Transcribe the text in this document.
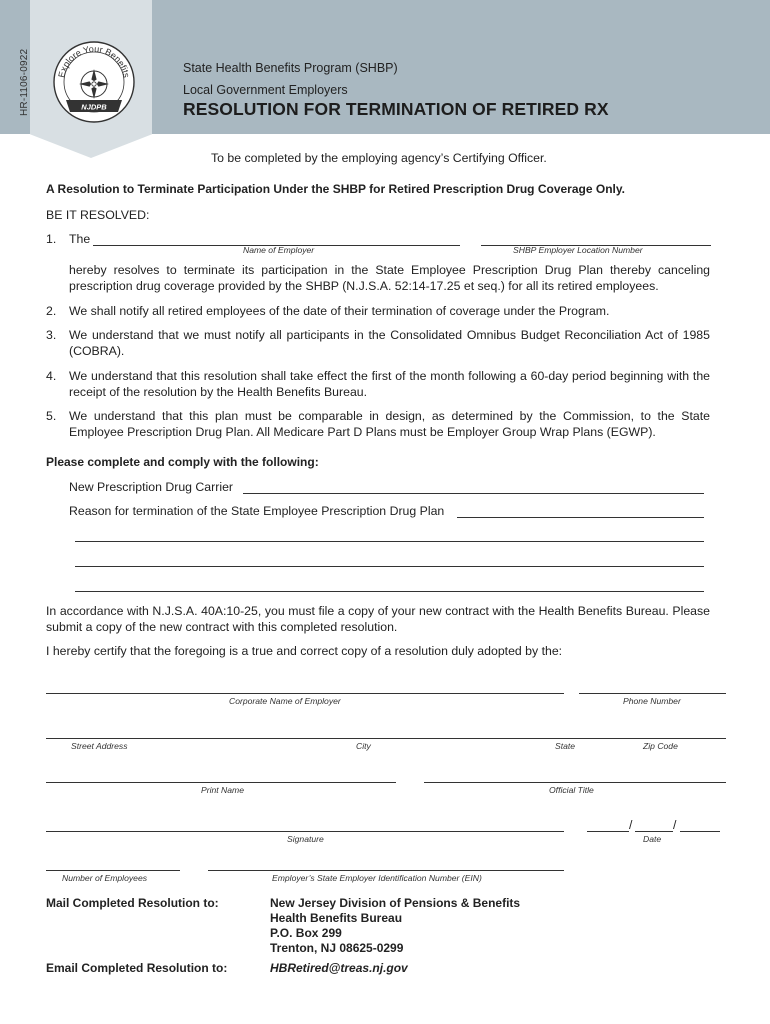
HR-1106-0922	Explore Your Benefits
NJDPB
State Health Benefits Program (SHBP)
Local Government Employers
RESOLUTION FOR TERMINATION OF RETIRED RX
To be completed by the employing agency’s Certifying Officer.
A Resolution to Terminate Participation Under the SHBP for Retired Prescription Drug Coverage Only.
BE IT RESOLVED:
1. The
Name of Employer	SHBP Employer Location Number
hereby resolves to terminate its participation in the State Employee Prescription Drug Plan thereby canceling prescription drug coverage provided by the SHBP (N.J.S.A. 52:14-17.25 et seq.) for all its retired employees.
2. We shall notify all retired employees of the date of their termination of coverage under the Program.
3. We understand that we must notify all participants in the Consolidated Omnibus Budget Reconciliation Act of 1985 (COBRA).
4. We understand that this resolution shall take effect the first of the month following a 60-day period beginning with the receipt of the resolution by the Health Benefits Bureau.
5. We understand that this plan must be comparable in design, as determined by the Commission, to the State Employee Prescription Drug Plan. All Medicare Part D Plans must be Employer Group Wrap Plans (EGWP).
Please complete and comply with the following:
New Prescription Drug Carrier
Reason for termination of the State Employee Prescription Drug Plan
In accordance with N.J.S.A. 40A:10-25, you must file a copy of your new contract with the Health Benefits Bureau. Please submit a copy of the new contract with this completed resolution.
I hereby certify that the foregoing is a true and correct copy of a resolution duly adopted by the:
Corporate Name of Employer	Phone Number
Street Address	City	State	Zip Code
Print Name	Official Title
/	/
Signature	Date
Number of Employees	Employer’s State Employer Identification Number (EIN)
Mail Completed Resolution to:	New Jersey Division of Pensions & Benefits
Health Benefits Bureau
P.O. Box 299
Trenton, NJ 08625-0299
Email Completed Resolution to:	HBRetired@treas.nj.gov
